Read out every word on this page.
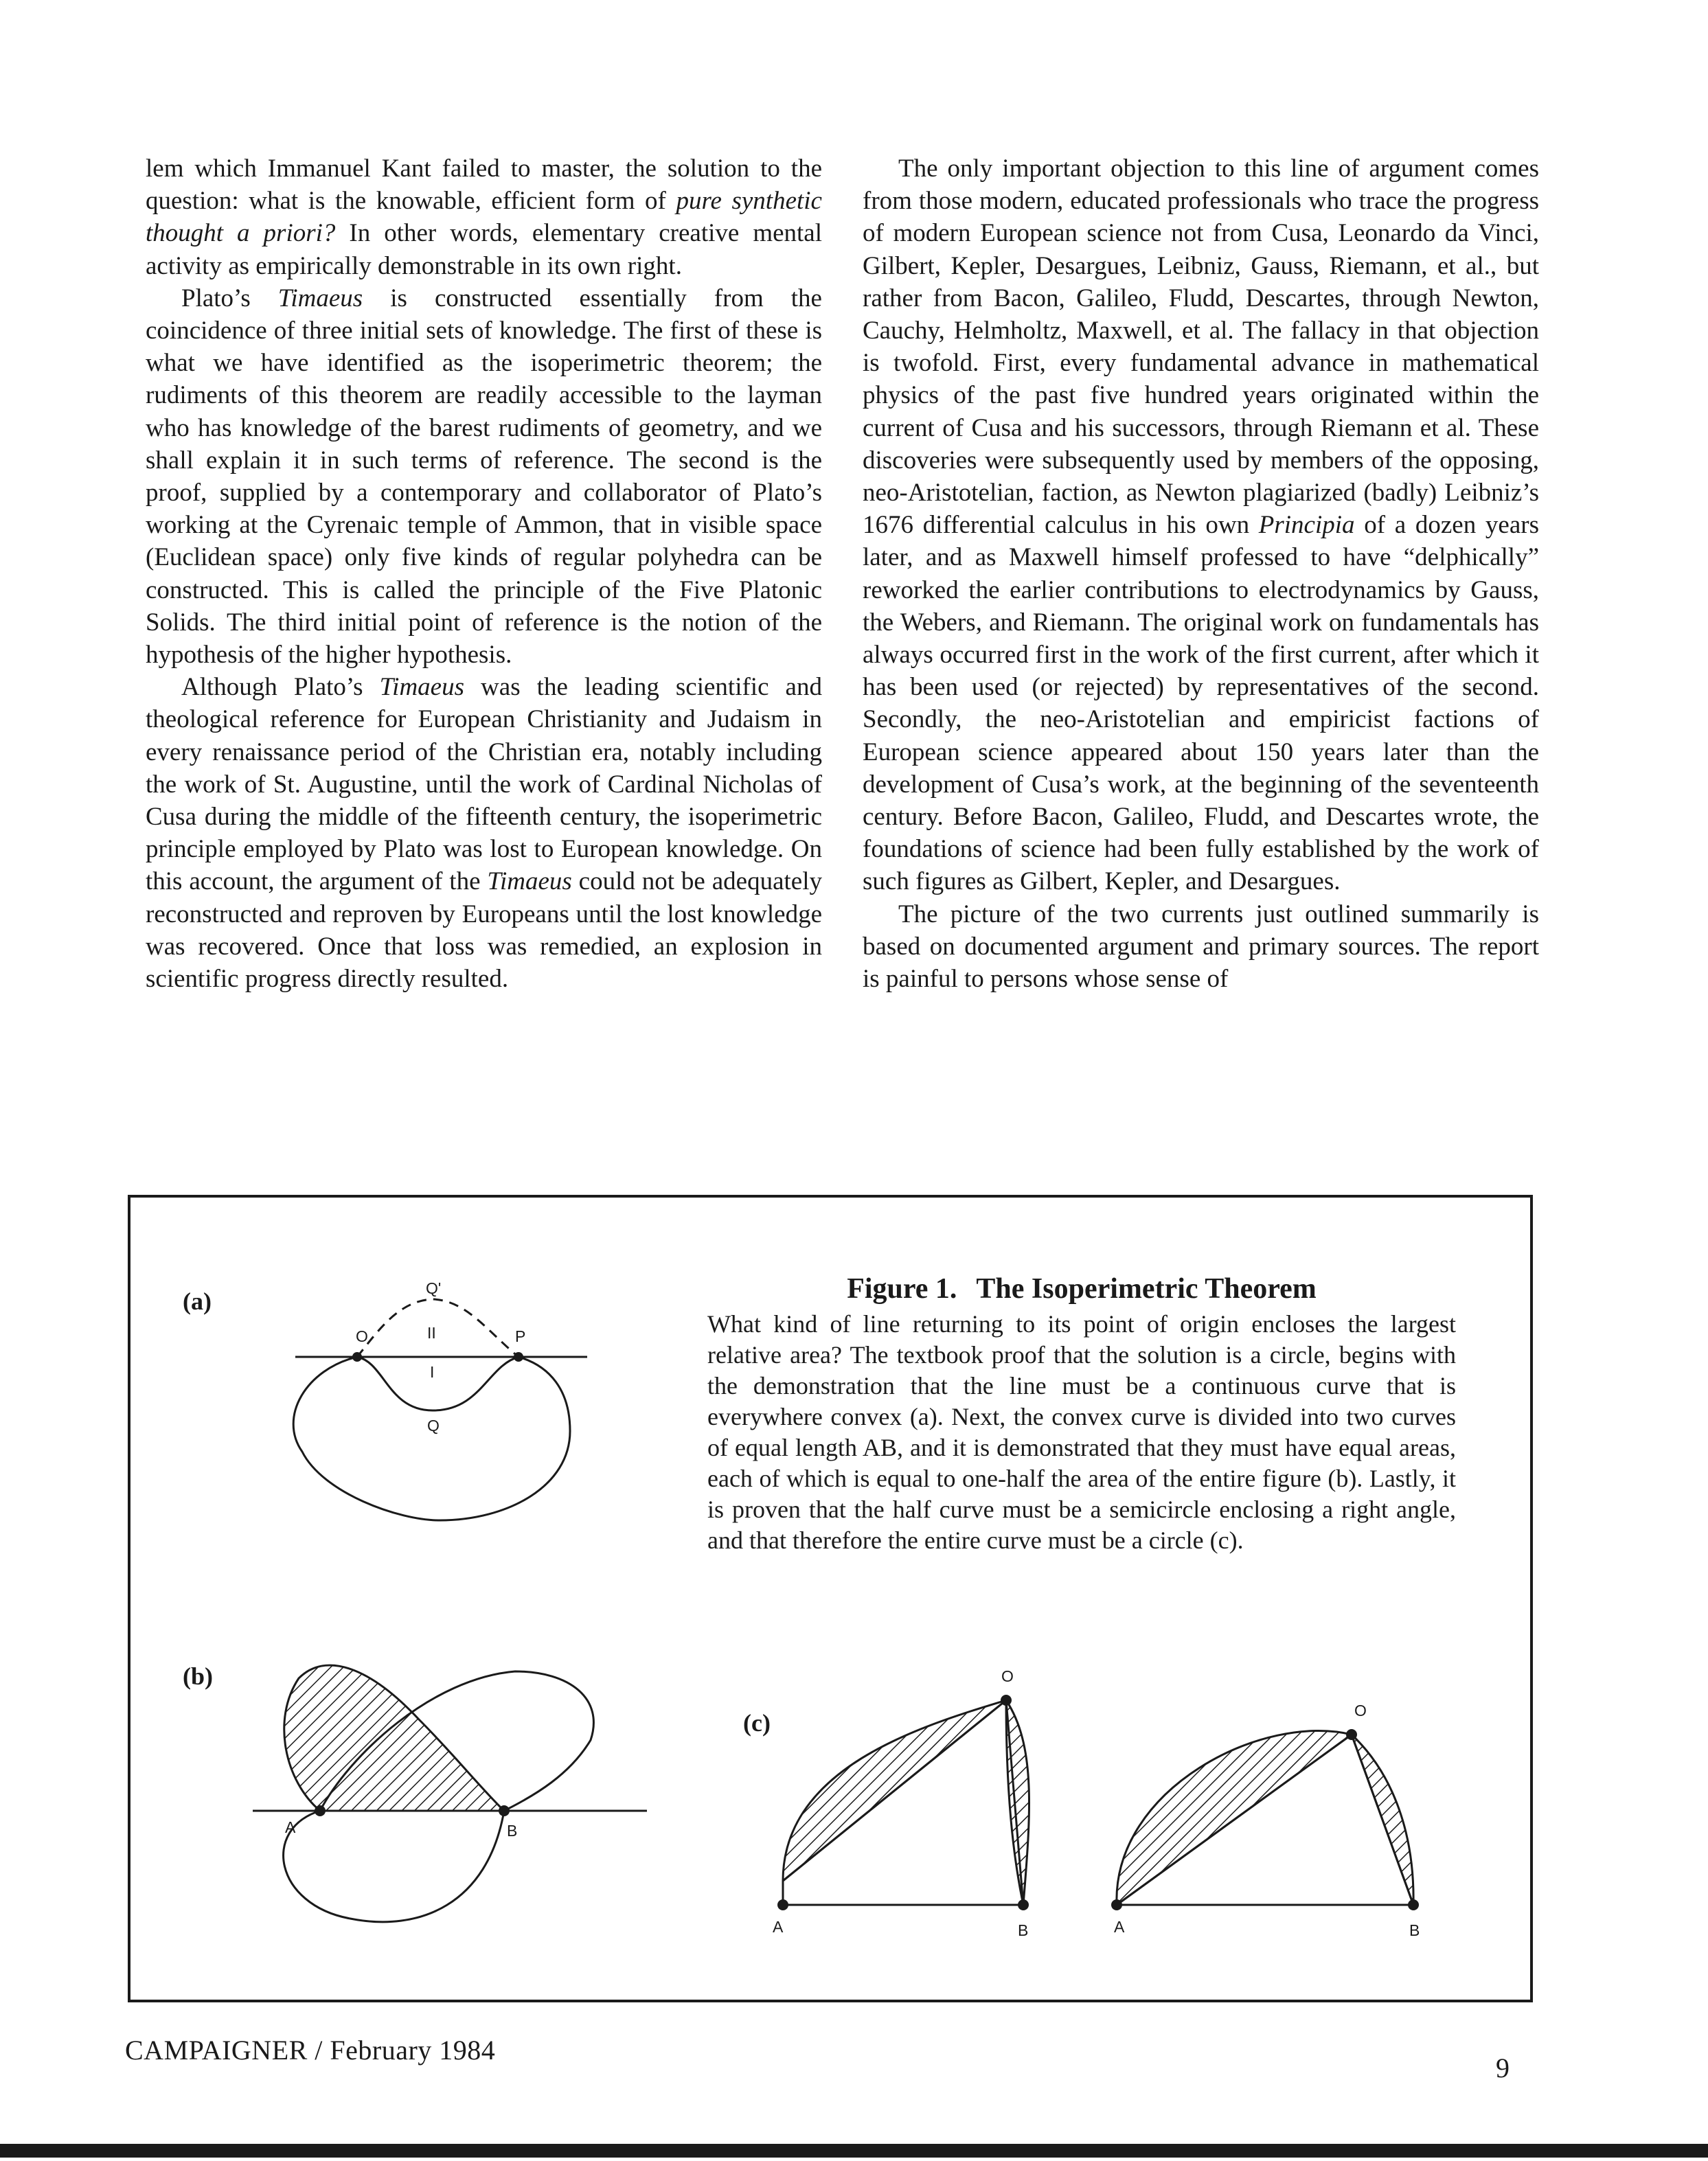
lem which Immanuel Kant failed to master, the solution to the question: what is the knowable, efficient form of pure synthetic thought a priori? In other words, elementary creative mental activity as empirically demonstrable in its own right.

Plato’s Timaeus is constructed essentially from the coincidence of three initial sets of knowledge. The first of these is what we have identified as the isoperimetric theorem; the rudiments of this theorem are readily accessible to the layman who has knowledge of the barest rudiments of geometry, and we shall explain it in such terms of reference. The second is the proof, supplied by a contemporary and collaborator of Plato’s working at the Cyrenaic temple of Ammon, that in visible space (Euclidean space) only five kinds of regular polyhedra can be constructed. This is called the principle of the Five Platonic Solids. The third initial point of reference is the notion of the hypothesis of the higher hypothesis.

Although Plato’s Timaeus was the leading scientific and theological reference for European Christianity and Judaism in every renaissance period of the Christian era, notably including the work of St. Augustine, until the work of Cardinal Nicholas of Cusa during the middle of the fifteenth century, the isoperimetric principle employed by Plato was lost to European knowledge. On this account, the argument of the Timaeus could not be adequately reconstructed and reproven by Europeans until the lost knowledge was recovered. Once that loss was remedied, an explosion in scientific progress directly resulted.

The only important objection to this line of argument comes from those modern, educated professionals who trace the progress of modern European science not from Cusa, Leonardo da Vinci, Gilbert, Kepler, Desargues, Leibniz, Gauss, Riemann, et al., but rather from Bacon, Galileo, Fludd, Descartes, through Newton, Cauchy, Helmholtz, Maxwell, et al. The fallacy in that objection is twofold. First, every fundamental advance in mathematical physics of the past five hundred years originated within the current of Cusa and his successors, through Riemann et al. These discoveries were subsequently used by members of the opposing, neo-Aristotelian, faction, as Newton plagiarized (badly) Leibniz’s 1676 differential calculus in his own Principia of a dozen years later, and as Maxwell himself professed to have “delphically” reworked the earlier contributions to electrodynamics by Gauss, the Webers, and Riemann. The original work on fundamentals has always occurred first in the work of the first current, after which it has been used (or rejected) by representatives of the second. Secondly, the neo-Aristotelian and empiricist factions of European science appeared about 150 years later than the development of Cusa’s work, at the beginning of the seventeenth century. Before Bacon, Galileo, Fludd, and Descartes wrote, the foundations of science had been fully established by the work of such figures as Gilbert, Kepler, and Desargues.

The picture of the two currents just outlined summarily is based on documented argument and primary sources. The report is painful to persons whose sense of

Q'
O	P
II
I
Q
A	B
O
A	B
O
A	B
(a)
(b)
(c)
Figure 1. The Isoperimetric Theorem
What kind of line returning to its point of origin encloses the largest relative area? The textbook proof that the solution is a circle, begins with the demonstration that the line must be a continuous curve that is everywhere convex (a). Next, the convex curve is divided into two curves of equal length AB, and it is demonstrated that they must have equal areas, each of which is equal to one-half the area of the entire figure (b). Lastly, it is proven that the half curve must be a semicircle enclosing a right angle, and that therefore the entire curve must be a circle (c).
CAMPAIGNER / February 1984
9
